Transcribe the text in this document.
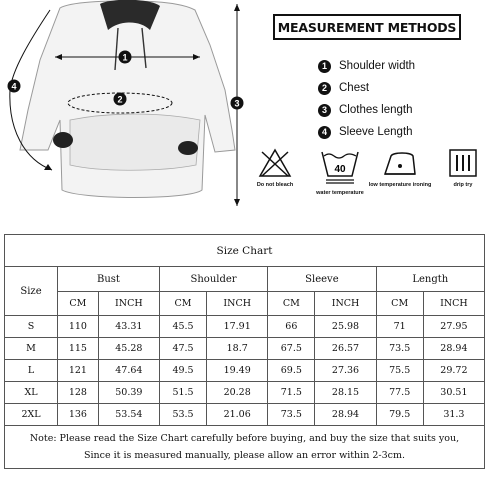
1
2	3
4
MEASUREMENT METHODS
1	Shoulder width
2	Chest
3	Clothes length
4	Sleeve Length
Do not bleach
40
water temperature
low temperature ironing	drip try
Size Chart								
Size	Bust		Shoulder		Sleeve		Length	
	CM	INCH	CM	INCH	CM	INCH	CM	INCH
S	110	43.31	45.5	17.91	66	25.98	71	27.95
M	115	45.28	47.5	18.7	67.5	26.57	73.5	28.94
L	121	47.64	49.5	19.49	69.5	27.36	75.5	29.72
XL	128	50.39	51.5	20.28	71.5	28.15	77.5	30.51
2XL	136	53.54	53.5	21.06	73.5	28.94	79.5	31.3

Note: Please read the Size Chart carefully before buying, and buy the size that suits you,
Since it is measured manually, please allow an error within 2-3cm.								
